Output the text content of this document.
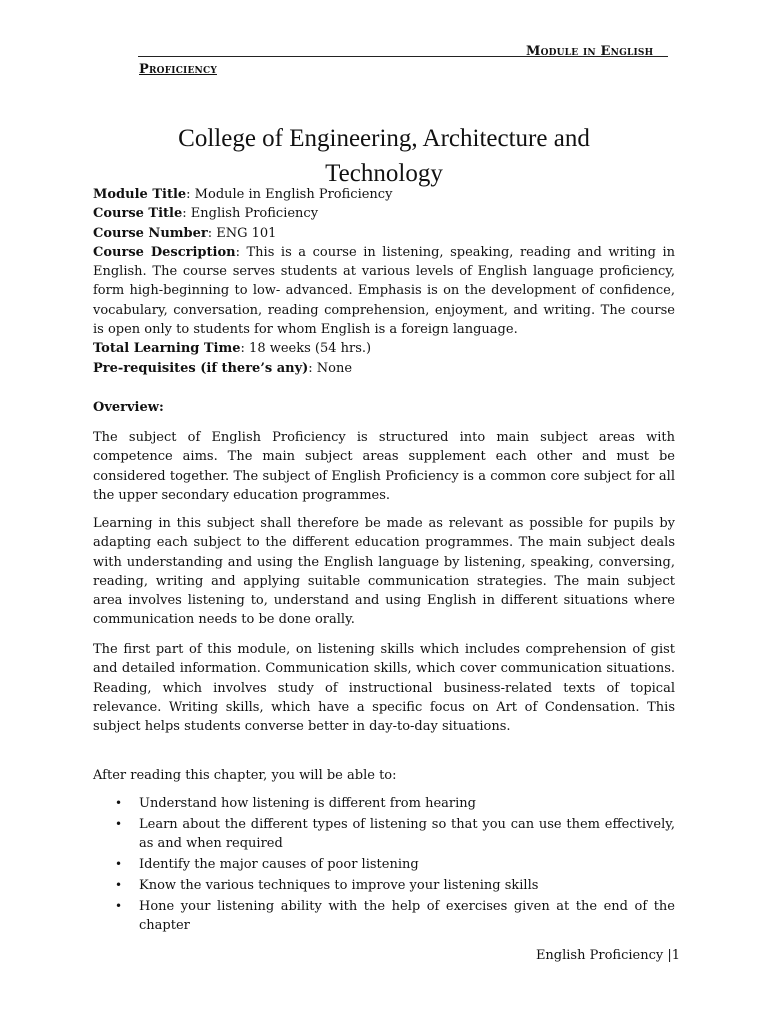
Module in English
Proficiency
College of Engineering, Architecture and Technology

Module Title: Module in English Proficiency

Course Title: English Proficiency

Course Number: ENG 101

Course Description: This is a course in listening, speaking, reading and writing in English. The course serves students at various levels of English language proficiency, form high-beginning to low- advanced. Emphasis is on the development of confidence, vocabulary, conversation, reading comprehension, enjoyment, and writing. The course is open only to students for whom English is a foreign language.

Total Learning Time: 18 weeks (54 hrs.)

Pre-requisites (if there’s any): None

Overview:

The subject of English Proficiency is structured into main subject areas with competence aims. The main subject areas supplement each other and must be considered together. The subject of English Proficiency is a common core subject for all the upper secondary education programmes.

Learning in this subject shall therefore be made as relevant as possible for pupils by adapting each subject to the different education programmes. The main subject deals with understanding and using the English language by listening, speaking, conversing, reading, writing and applying suitable communication strategies. The main subject area involves listening to, understand and using English in different situations where communication needs to be done orally.

The first part of this module, on listening skills which includes comprehension of gist and detailed information. Communication skills, which cover communication situations. Reading, which involves study of instructional business-related texts of topical relevance. Writing skills, which have a specific focus on Art of Condensation. This subject helps students converse better in day-to-day situations.

After reading this chapter, you will be able to:
• Understand how listening is different from hearing
• Learn about the different types of listening so that you can use them effectively, as and when required
• Identify the major causes of poor listening
• Know the various techniques to improve your listening skills
• Hone your listening ability with the help of exercises given at the end of the chapter
English Proficiency |1
